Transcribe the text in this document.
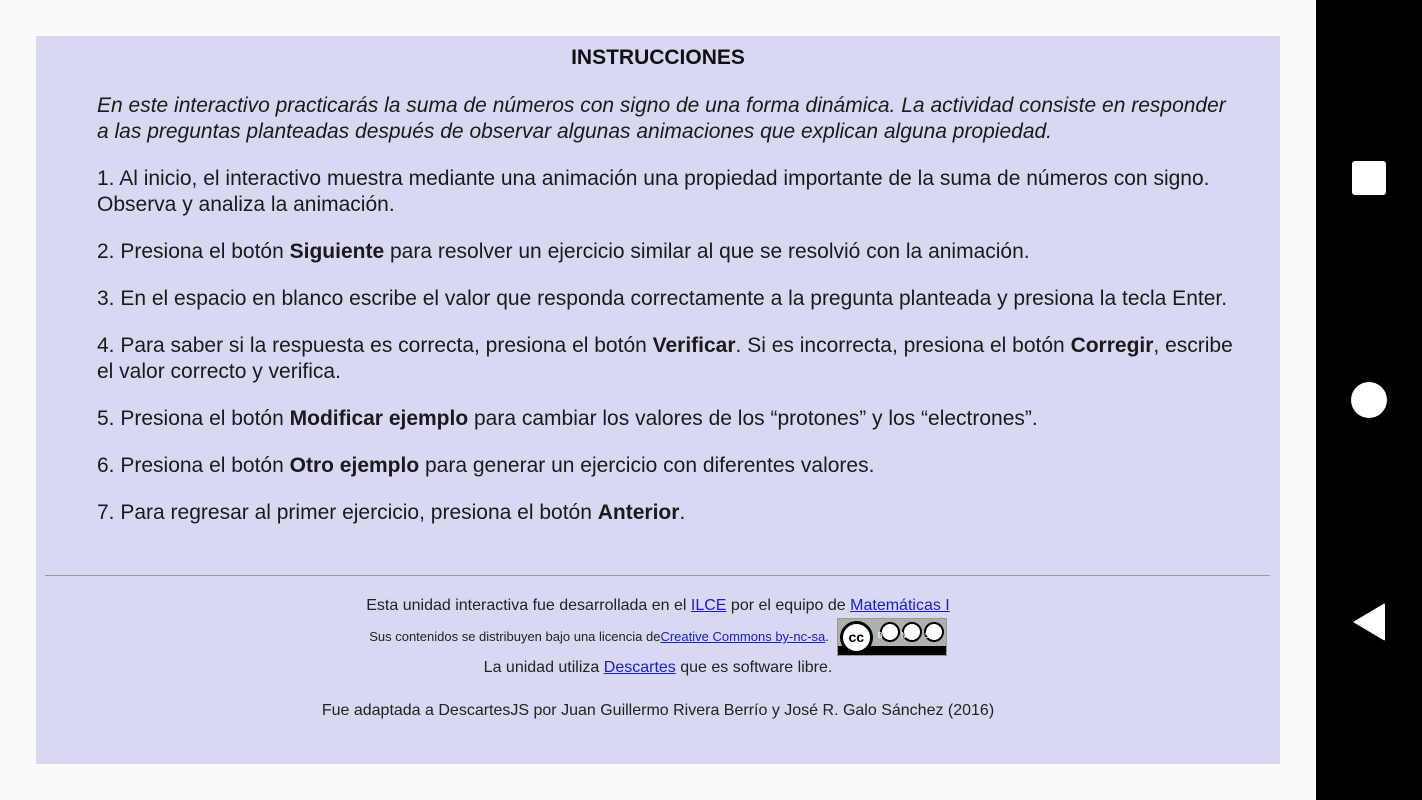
INSTRUCCIONES

En este interactivo practicarás la suma de números con signo de una forma dinámica. La actividad consiste en responder a las preguntas planteadas después de observar algunas animaciones que explican alguna propiedad.

1. Al inicio, el interactivo muestra mediante una animación una propiedad importante de la suma de números con signo. Observa y analiza la animación.

2. Presiona el botón Siguiente para resolver un ejercicio similar al que se resolvió con la animación.

3. En el espacio en blanco escribe el valor que responda correctamente a la pregunta planteada y presiona la tecla Enter.

4. Para saber si la respuesta es correcta, presiona el botón Verificar. Si es incorrecta, presiona el botón Corregir, escribe el valor correcto y verifica.

5. Presiona el botón Modificar ejemplo para cambiar los valores de los “protones” y los “electrones”.

6. Presiona el botón Otro ejemplo para generar un ejercicio con diferentes valores.

7. Para regresar al primer ejercicio, presiona el botón Anterior.

Esta unidad interactiva fue desarrollada en el ILCE por el equipo de Matemáticas I
Sus contenidos se distribuyen bajo una licencia de Creative Commons by-nc-sa .	cc	BY NC SA
La unidad utiliza Descartes que es software libre.
Fue adaptada a DescartesJS por Juan Guillermo Rivera Berrío y José R. Galo Sánchez (2016)
